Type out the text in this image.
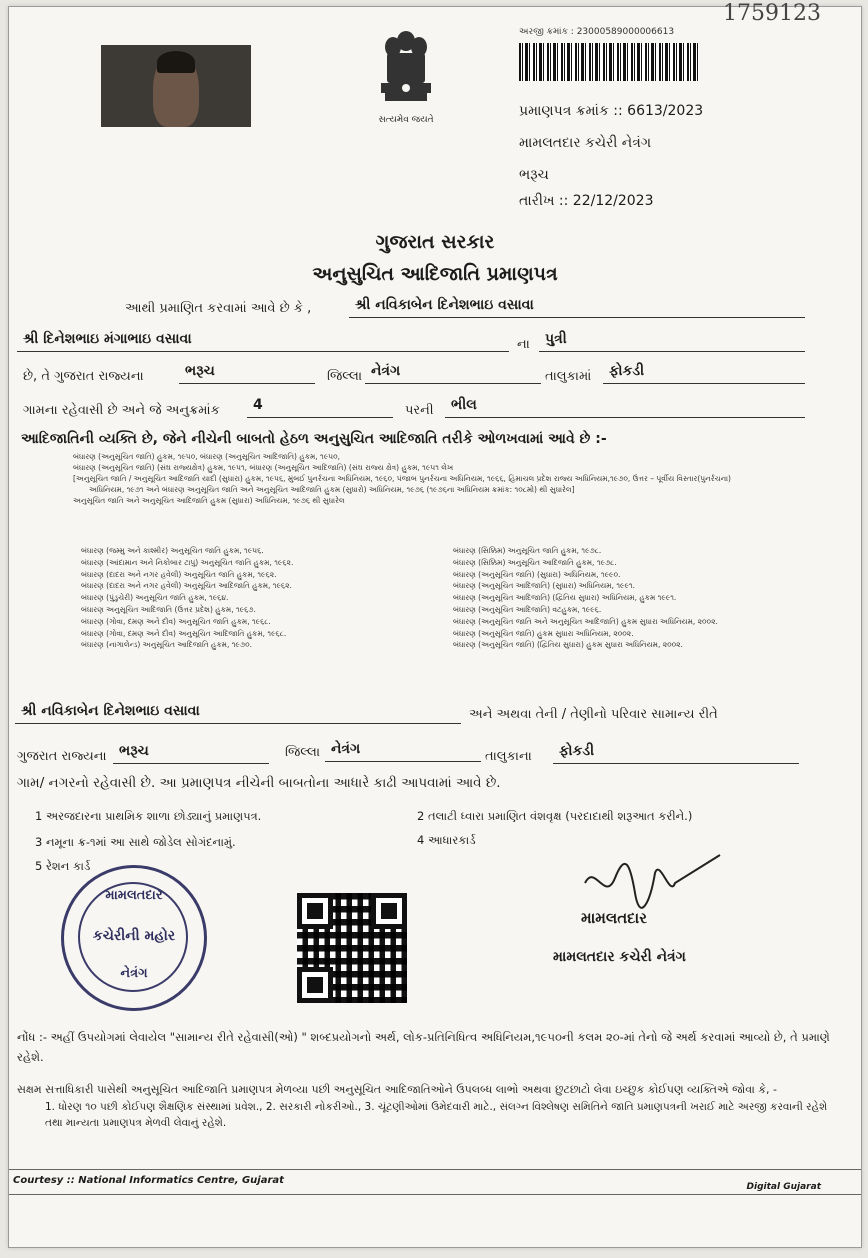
1759123
સત્યમેવ જયતે
અરજી ક્રમાંક : 23000589000006613
પ્રમાણપત્ર ક્રમાંક :: 6613/2023
મામલતદાર કચેરી નેત્રંગ
ભરૂચ
તારીખ :: 22/12/2023
ગુજરાત સરકાર
અનુસુચિત આદિજાતિ પ્રમાણપત્ર
આથી પ્રમાણિત કરવામાં આવે છે કે ,	શ્રી નવિકાબેન દિનેશભાઇ વસાવા
શ્રી દિનેશભાઇ મંગાભાઇ વસાવા	ના	પુત્રી
છે, તે ગુજરાત રાજ્યના	ભરૂચ	જિલ્લા નેત્રંગ	તાલુકામાં	ફોકડી
ગામના રહેવાસી છે અને જે અનુક્રમાંક	4	પરની	ભીલ
આદિજાતિની વ્યક્તિ છે, જેને નીચેની બાબતો હેઠળ અનુસુચિત આદિજાતિ તરીકે ઓળખવામાં આવે છે :-
બંધારણ (અનુસૂચિત જાતિ) હુકમ, ૧૯૫૦, બંધારણ (અનુસૂચિત આદિજાતિ) હુકમ, ૧૯૫૦,
બંધારણ (અનુસૂચિત જાતિ) (સંઘ રાજ્યક્ષેત્ર) હુકમ, ૧૯૫૧, બંધારણ (અનુસૂચિત આદિજાતિ) (સંઘ રાજ્ય ક્ષેત્ર) હુકમ, ૧૯૫૧ લેખ
[અનુસૂચિત જાતિ / અનુસૂચિત આદિજાતિ યાદી (સુધારા) હુકમ, ૧૯૫૬, મુંબઈ પુનર્રચના અધિનિયમ, ૧૯૬૦, પંજાબ પુનર્રચના અધિનિયમ, ૧૯૬૬, હિમાચલ પ્રદેશ રાજ્ય અધિનિયમ,૧૯૭૦, ઉત્તર – પૂર્વીય વિસ્તાર(પુનર્રચના)
અધિનિયમ, ૧૯૭૧ અને બંધારણ અનુસૂચિત જાતિ અને અનુસૂચિત આદિજાતિ હુકમ (સુધારો) અધિનિયમ, ૧૯૭૬ (૧૯૭૬ના અધિનિયમ ક્રમાંક: ૧૦૮મો) થી સુધારેલ]
અનુસૂચિત જાતિ અને અનુસૂચિત આદિજાતિ હુકમ (સુધારા) અધિનિયમ, ૧૯૭૬ થી સુધારેલ
બંધારણ (જમ્મુ અને કાશ્મીર) અનુસૂચિત જાતિ હુકમ, ૧૯૫૬.
બંધારણ (આંદામાન અને નિકોબાર ટાપુ) અનુસૂચિત જાતિ હુકમ, ૧૯૬૨.
બંધારણ (દાદરા અને નગર હવેલી) અનુસૂચિત જાતિ હુકમ, ૧૯૬૨.
બંધારણ (દાદરા અને નગર હવેલી) અનુસૂચિત આદિજાતિ હુકમ, ૧૯૬૨.
બંધારણ (પુંડુચેરી) અનુસૂચિત જાતિ હુકમ, ૧૯૬૪.
બંધારણ અનુસૂચિત આદિજાતિ (ઉત્તર પ્રદેશ) હુકમ, ૧૯૬૭.
બંધારણ (ગોવા, દમણ અને દીવ) અનુસૂચિત જાતિ હુકમ, ૧૯૬૮.
બંધારણ (ગોવા, દમણ અને દીવ) અનુસૂચિત આદિજાતિ હુકમ, ૧૯૬૮.
બંધારણ (નાગાલેન્ડ) અનુસૂચિત આદિજાતિ હુકમ, ૧૯૭૦.
બંધારણ (સિક્કિમ) અનુસૂચિત જાતિ હુકમ, ૧૯૭૮.
બંધારણ (સિક્કિમ) અનુસૂચિત આદિજાતિ હુકમ, ૧૯૭૮.
બંધારણ (અનુસૂચિત જાતિ) (સુધારા) અધિનિયમ, ૧૯૯૦.
બંધારણ (અનુસૂચિત આદિજાતિ) (સુધારા) અધિનિયમ, ૧૯૯૧.
બંધારણ (અનુસૂચિત આદિજાતિ) (દ્વિતિય સુધારા) અધિનિયમ, હુકમ ૧૯૯૧.
બંધારણ (અનુસૂચિત આદિજાતિ) વટહુકમ, ૧૯૯૬.
બંધારણ (અનુસૂચિત જાતિ અને અનુસૂચિત આદિજાતિ) હુકમ સુધારા અધિનિયમ, ૨૦૦૨.
બંધારણ (અનુસૂચિત જાતિ) હુકમ સુધારા અધિનિયમ, ૨૦૦૨.
બંધારણ (અનુસૂચિત જાતિ) (દ્વિતિય સુધારા) હુકમ સુધારા અધિનિયમ, ૨૦૦૨.
શ્રી નવિકાબેન દિનેશભાઇ વસાવા	અને અથવા તેની / તેણીનો પરિવાર સામાન્ય રીતે
ગુજરાત રાજ્યના ભરૂચ	જિલ્લા નેત્રંગ	તાલુકાના	ફોકડી
ગામ/ નગરનો રહેવાસી છે. આ પ્રમાણપત્ર નીચેની બાબતોના આધારે કાઢી આપવામાં આવે છે.
1 અરજદારના પ્રાથમિક શાળા છોડ્યાનું પ્રમાણપત્ર.	2 તલાટી ધ્વારા પ્રમાણિત વંશવૃક્ષ (પરદાદાથી શરૂઆત કરીને.)
3 નમૂના ક્ર-૧માં આ સાથે જોડેલ સોગંદનામું.	4 આધારકાર્ડ
5 રેશન કાર્ડ
મામલતદાર
કચેરીની મહોર
નેત્રંગ
મામલતદાર
મામલતદાર કચેરી નેત્રંગ
નોંધ :- અહીં ઉપયોગમાં લેવાયેલ "સામાન્ય રીતે રહેવાસી(ઓ) " શબ્દપ્રયોગનો અર્થ, લોક-પ્રતિનિધિત્વ અધિનિયમ,૧૯૫૦ની કલમ ૨૦-માં તેનો જે અર્થ કરવામાં આવ્યો છે, તે પ્રમાણે રહેશે.
સક્ષમ સત્તાધિકારી પાસેથી અનુસૂચિત આદિજાતિ પ્રમાણપત્ર મેળવ્યા પછી અનુસૂચિત આદિજાતિઓને ઉપલબ્ધ લાભો અથવા છુટછાટો લેવા ઇચ્છુક કોઈપણ વ્યક્તિએ જોવા કે, -
1. ધોરણ ૧૦ પછી કોઈપણ શૈક્ષણિક સંસ્થામાં પ્રવેશ., 2. સરકારી નોકરીઓ., 3. ચૂંટણીઓમાં ઉમેદવારી માટે., સંલગ્ન વિશ્લેષણ સમિતિને જાતિ પ્રમાણપત્રની ખરાઈ માટે અરજી કરવાની રહેશે તથા માન્યતા પ્રમાણપત્ર મેળવી લેવાનું રહેશે.
Courtesy :: National Informatics Centre, Gujarat
Digital Gujarat
